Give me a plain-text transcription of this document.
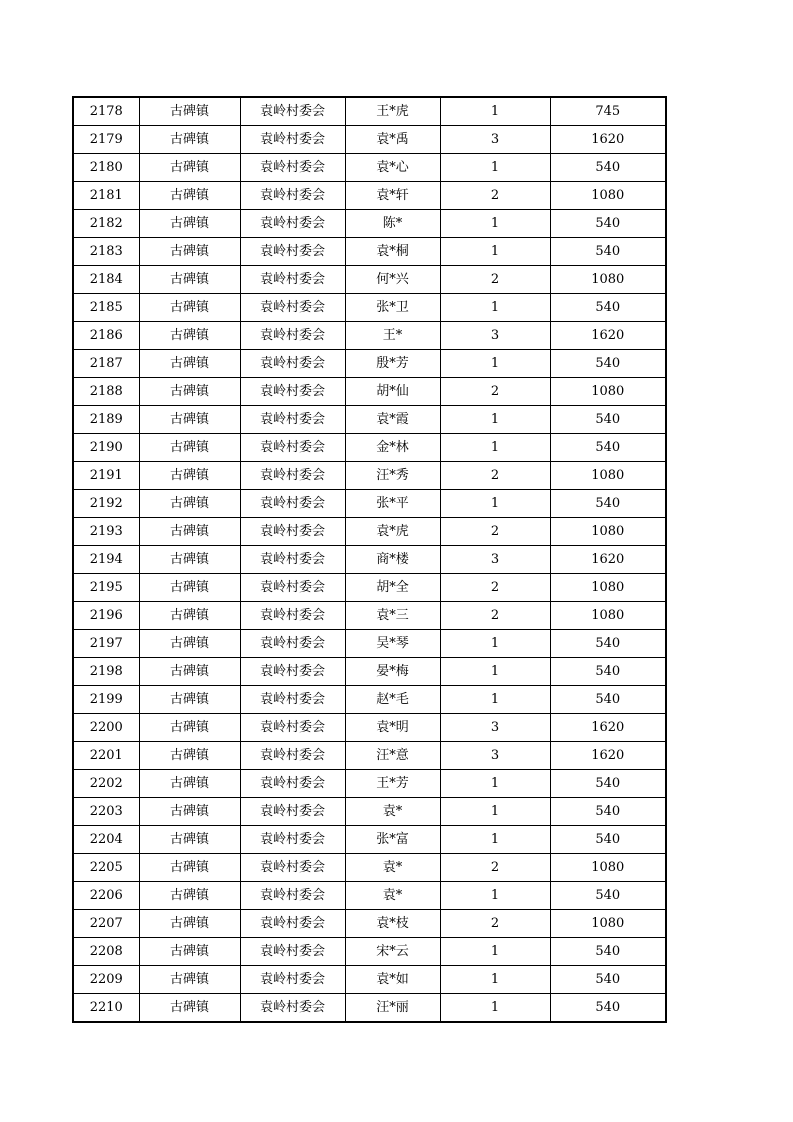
2178	古碑镇	袁岭村委会	王*虎	1	745
2179	古碑镇	袁岭村委会	袁*禹	3	1620
2180	古碑镇	袁岭村委会	袁*心	1	540
2181	古碑镇	袁岭村委会	袁*轩	2	1080
2182	古碑镇	袁岭村委会	陈*	1	540
2183	古碑镇	袁岭村委会	袁*桐	1	540
2184	古碑镇	袁岭村委会	何*兴	2	1080
2185	古碑镇	袁岭村委会	张*卫	1	540
2186	古碑镇	袁岭村委会	王*	3	1620
2187	古碑镇	袁岭村委会	殷*芳	1	540
2188	古碑镇	袁岭村委会	胡*仙	2	1080
2189	古碑镇	袁岭村委会	袁*霞	1	540
2190	古碑镇	袁岭村委会	金*林	1	540
2191	古碑镇	袁岭村委会	汪*秀	2	1080
2192	古碑镇	袁岭村委会	张*平	1	540
2193	古碑镇	袁岭村委会	袁*虎	2	1080
2194	古碑镇	袁岭村委会	商*楼	3	1620
2195	古碑镇	袁岭村委会	胡*全	2	1080
2196	古碑镇	袁岭村委会	袁*三	2	1080
2197	古碑镇	袁岭村委会	吴*琴	1	540
2198	古碑镇	袁岭村委会	晏*梅	1	540
2199	古碑镇	袁岭村委会	赵*毛	1	540
2200	古碑镇	袁岭村委会	袁*明	3	1620
2201	古碑镇	袁岭村委会	汪*意	3	1620
2202	古碑镇	袁岭村委会	王*芳	1	540
2203	古碑镇	袁岭村委会	袁*	1	540
2204	古碑镇	袁岭村委会	张*富	1	540
2205	古碑镇	袁岭村委会	袁*	2	1080
2206	古碑镇	袁岭村委会	袁*	1	540
2207	古碑镇	袁岭村委会	袁*枝	2	1080
2208	古碑镇	袁岭村委会	宋*云	1	540
2209	古碑镇	袁岭村委会	袁*如	1	540
2210	古碑镇	袁岭村委会	汪*丽	1	540
